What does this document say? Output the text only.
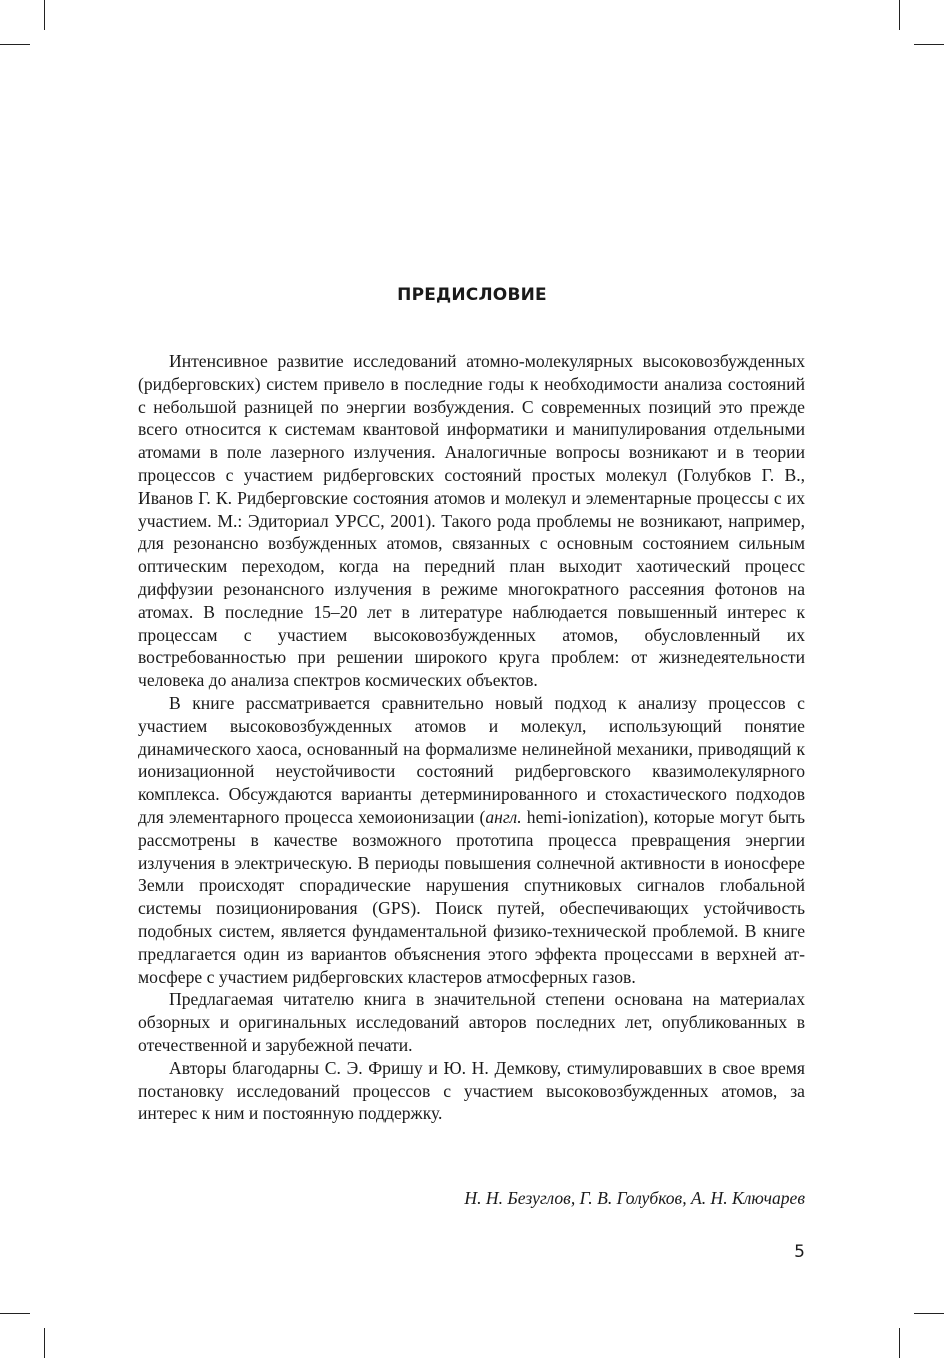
ПРЕДИСЛОВИЕ

Интенсивное развитие исследований атомно-молекулярных высоковозбужденных (ридберговских) систем привело в последние годы к необходимости анализа состояний с небольшой разницей по энергии возбуждения. С современных позиций это прежде всего относится к системам квантовой информатики и манипулирования отдельными атомами в поле лазерного излучения. Аналогичные вопросы возникают и в теории процессов с участием ридберговских состояний простых молекул (Голубков Г. В., Иванов Г. К. Ридберговские состояния атомов и молекул и элементарные процессы с их участием. М.: Эдиториал УРСС, 2001). Такого рода проблемы не возникают, например, для резонансно возбужденных атомов, связанных с основным состоянием сильным оптическим переходом, когда на передний план выходит хаотический процесс диффузии резонансного излучения в режиме многократного рассеяния фотонов на атомах. В последние 15–20 лет в литературе наблюдается повышенный интерес к процессам с участием высоковозбужденных атомов, обусловленный их востребованностью при решении широкого круга проблем: от жизнедеятельности человека до анализа спектров космических объектов.

В книге рассматривается сравнительно новый подход к анализу процессов с участием высоковозбужденных атомов и молекул, использующий понятие динамического хаоса, основанный на формализме нелинейной механики, приводящий к ионизационной неустойчивости состояний ридберговского квазимолекулярного комплекса. Обсуждаются варианты детерминированного и стохастического подходов для элементарного процесса хемоионизации (англ. hemi-ionization), которые могут быть рассмотрены в качестве возможного прототипа процесса превращения энергии излучения в электрическую. В периоды повышения солнечной активности в ионосфере Земли происходят спорадические нарушения спутниковых сигналов глобальной системы позиционирования (GPS). Поиск путей, обеспечивающих устойчивость подобных систем, является фундаментальной физико-технической проблемой. В книге предлагается один из вариантов объяснения этого эффекта процессами в верхней атмосфере с участием ридберговских кластеров атмосферных газов.

Предлагаемая читателю книга в значительной степени основана на материалах обзорных и оригинальных исследований авторов последних лет, опубликованных в отечественной и зарубежной печати.

Авторы благодарны С. Э. Фришу и Ю. Н. Демкову, стимулировавших в свое время постановку исследований процессов с участием высоковозбужденных атомов, за интерес к ним и постоянную поддержку.

Н. Н. Безуглов, Г. В. Голубков, А. Н. Ключарев
5
